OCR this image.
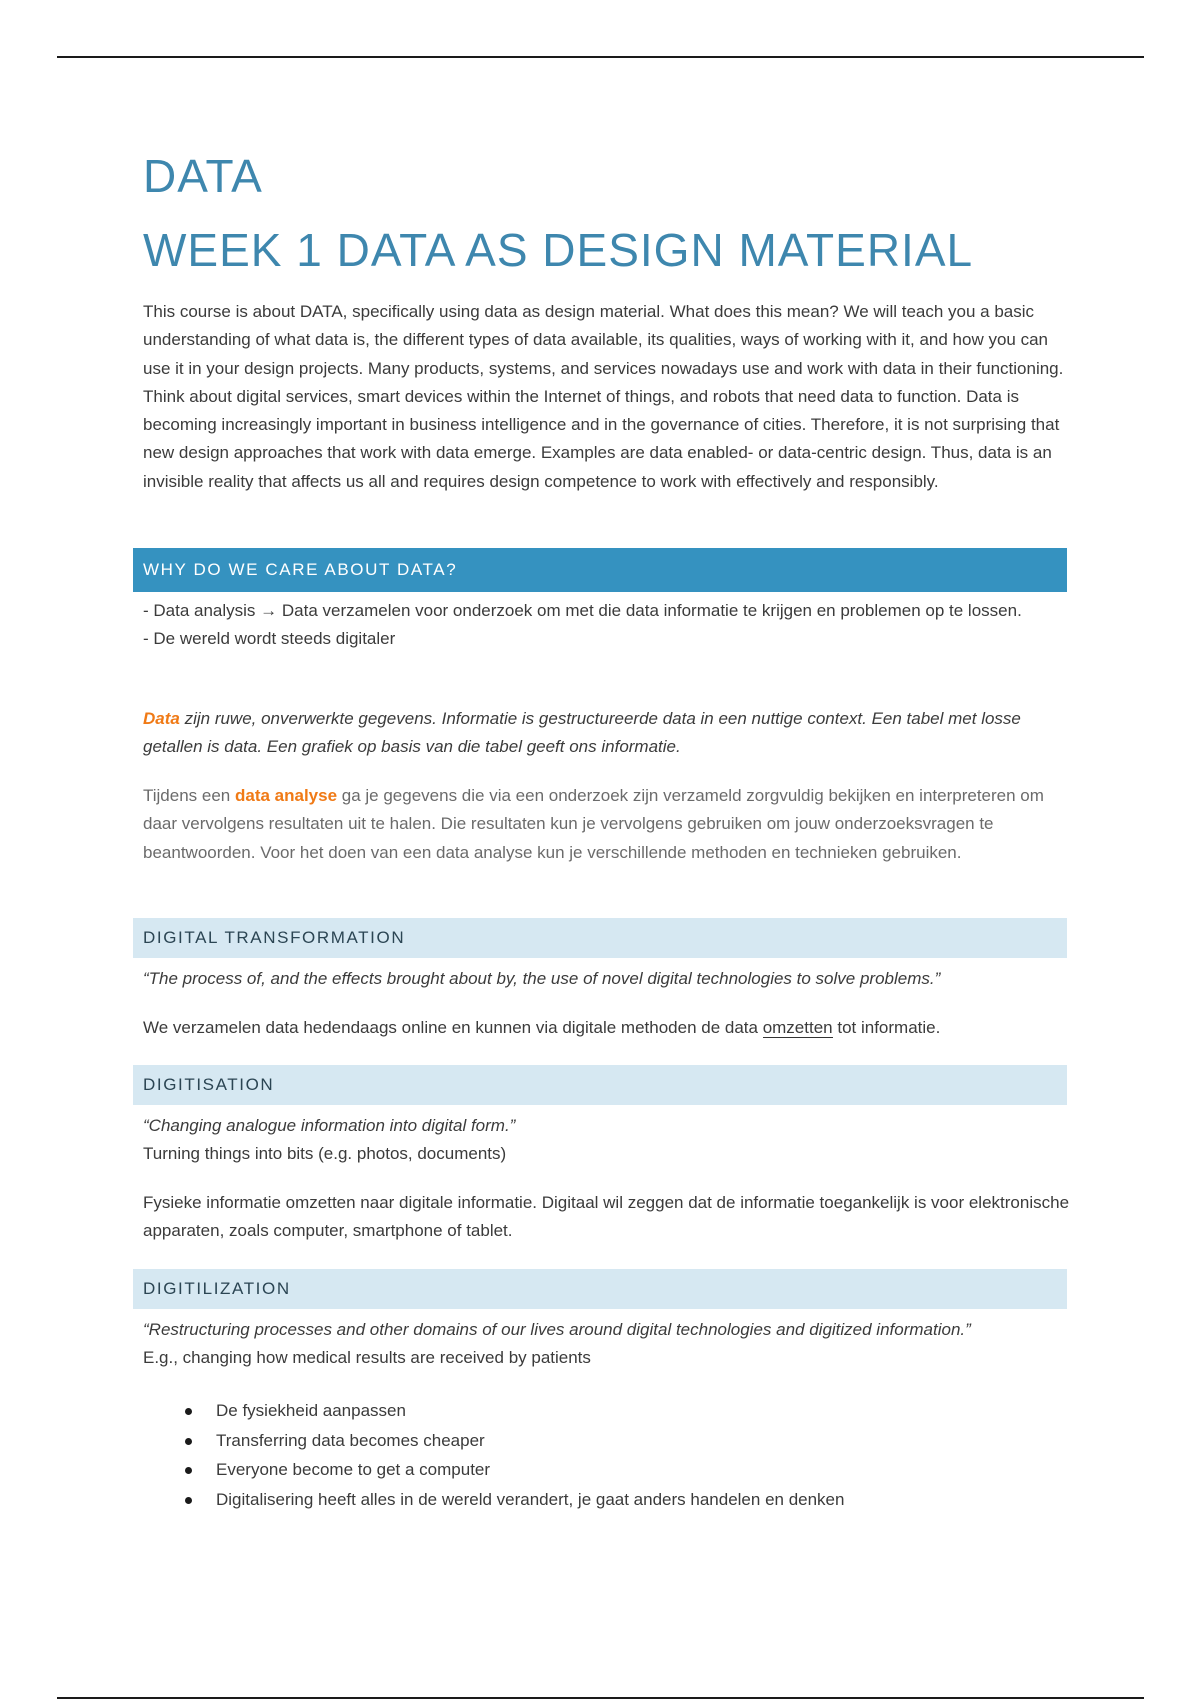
DATA
WEEK 1 DATA AS DESIGN MATERIAL

This course is about DATA, specifically using data as design material. What does this mean? We will teach you a basic understanding of what data is, the different types of data available, its qualities, ways of working with it, and how you can use it in your design projects. Many products, systems, and services nowadays use and work with data in their functioning. Think about digital services, smart devices within the Internet of things, and robots that need data to function. Data is becoming increasingly important in business intelligence and in the governance of cities. Therefore, it is not surprising that new design approaches that work with data emerge. Examples are data enabled- or data-centric design. Thus, data is an invisible reality that affects us all and requires design competence to work with effectively and responsibly.

WHY DO WE CARE ABOUT DATA?

- Data analysis → Data verzamelen voor onderzoek om met die data informatie te krijgen en problemen op te lossen.
- De wereld wordt steeds digitaler

Data zijn ruwe, onverwerkte gegevens. Informatie is gestructureerde data in een nuttige context. Een tabel met losse getallen is data. Een grafiek op basis van die tabel geeft ons informatie.

Tijdens een data analyse ga je gegevens die via een onderzoek zijn verzameld zorgvuldig bekijken en interpreteren om daar vervolgens resultaten uit te halen. Die resultaten kun je vervolgens gebruiken om jouw onderzoeksvragen te beantwoorden. Voor het doen van een data analyse kun je verschillende methoden en technieken gebruiken.

DIGITAL TRANSFORMATION

“The process of, and the effects brought about by, the use of novel digital technologies to solve problems.”

We verzamelen data hedendaags online en kunnen via digitale methoden de data omzetten tot informatie.

DIGITISATION

“Changing analogue information into digital form.”
Turning things into bits (e.g. photos, documents)

Fysieke informatie omzetten naar digitale informatie. Digitaal wil zeggen dat de informatie toegankelijk is voor elektronische apparaten, zoals computer, smartphone of tablet.

DIGITILIZATION

“Restructuring processes and other domains of our lives around digital technologies and digitized information.”
E.g., changing how medical results are received by patients

De fysiekheid aanpassen
Transferring data becomes cheaper
Everyone become to get a computer
Digitalisering heeft alles in de wereld verandert, je gaat anders handelen en denken
